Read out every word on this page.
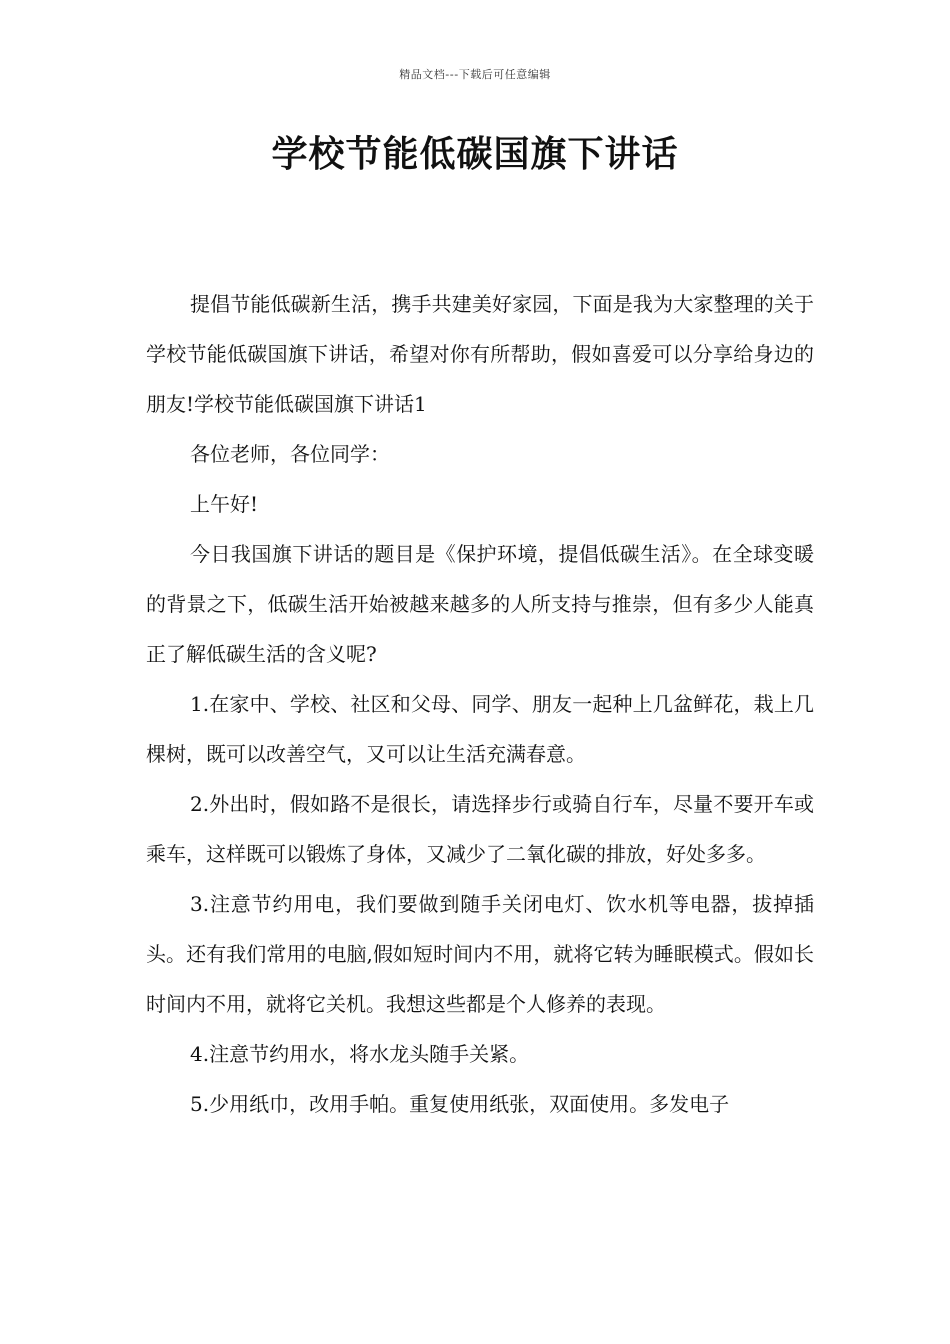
精品文档---下载后可任意编辑
学校节能低碳国旗下讲话

提倡节能低碳新生活，携手共建美好家园，下面是我为大家整理的关于学校节能低碳国旗下讲话，希望对你有所帮助，假如喜爱可以分享给身边的朋友!学校节能低碳国旗下讲话1

各位老师，各位同学：

上午好!

今日我国旗下讲话的题目是《保护环境，提倡低碳生活》。在全球变暖的背景之下，低碳生活开始被越来越多的人所支持与推崇，但有多少人能真正了解低碳生活的含义呢?

1.在家中、学校、社区和父母、同学、朋友一起种上几盆鲜花，栽上几棵树，既可以改善空气，又可以让生活充满春意。

2.外出时，假如路不是很长，请选择步行或骑自行车，尽量不要开车或乘车，这样既可以锻炼了身体，又减少了二氧化碳的排放，好处多多。

3.注意节约用电，我们要做到随手关闭电灯、饮水机等电器，拔掉插头。还有我们常用的电脑,假如短时间内不用，就将它转为睡眠模式。假如长时间内不用，就将它关机。我想这些都是个人修养的表现。

4.注意节约用水，将水龙头随手关紧。

5.少用纸巾，改用手帕。重复使用纸张，双面使用。多发电子
